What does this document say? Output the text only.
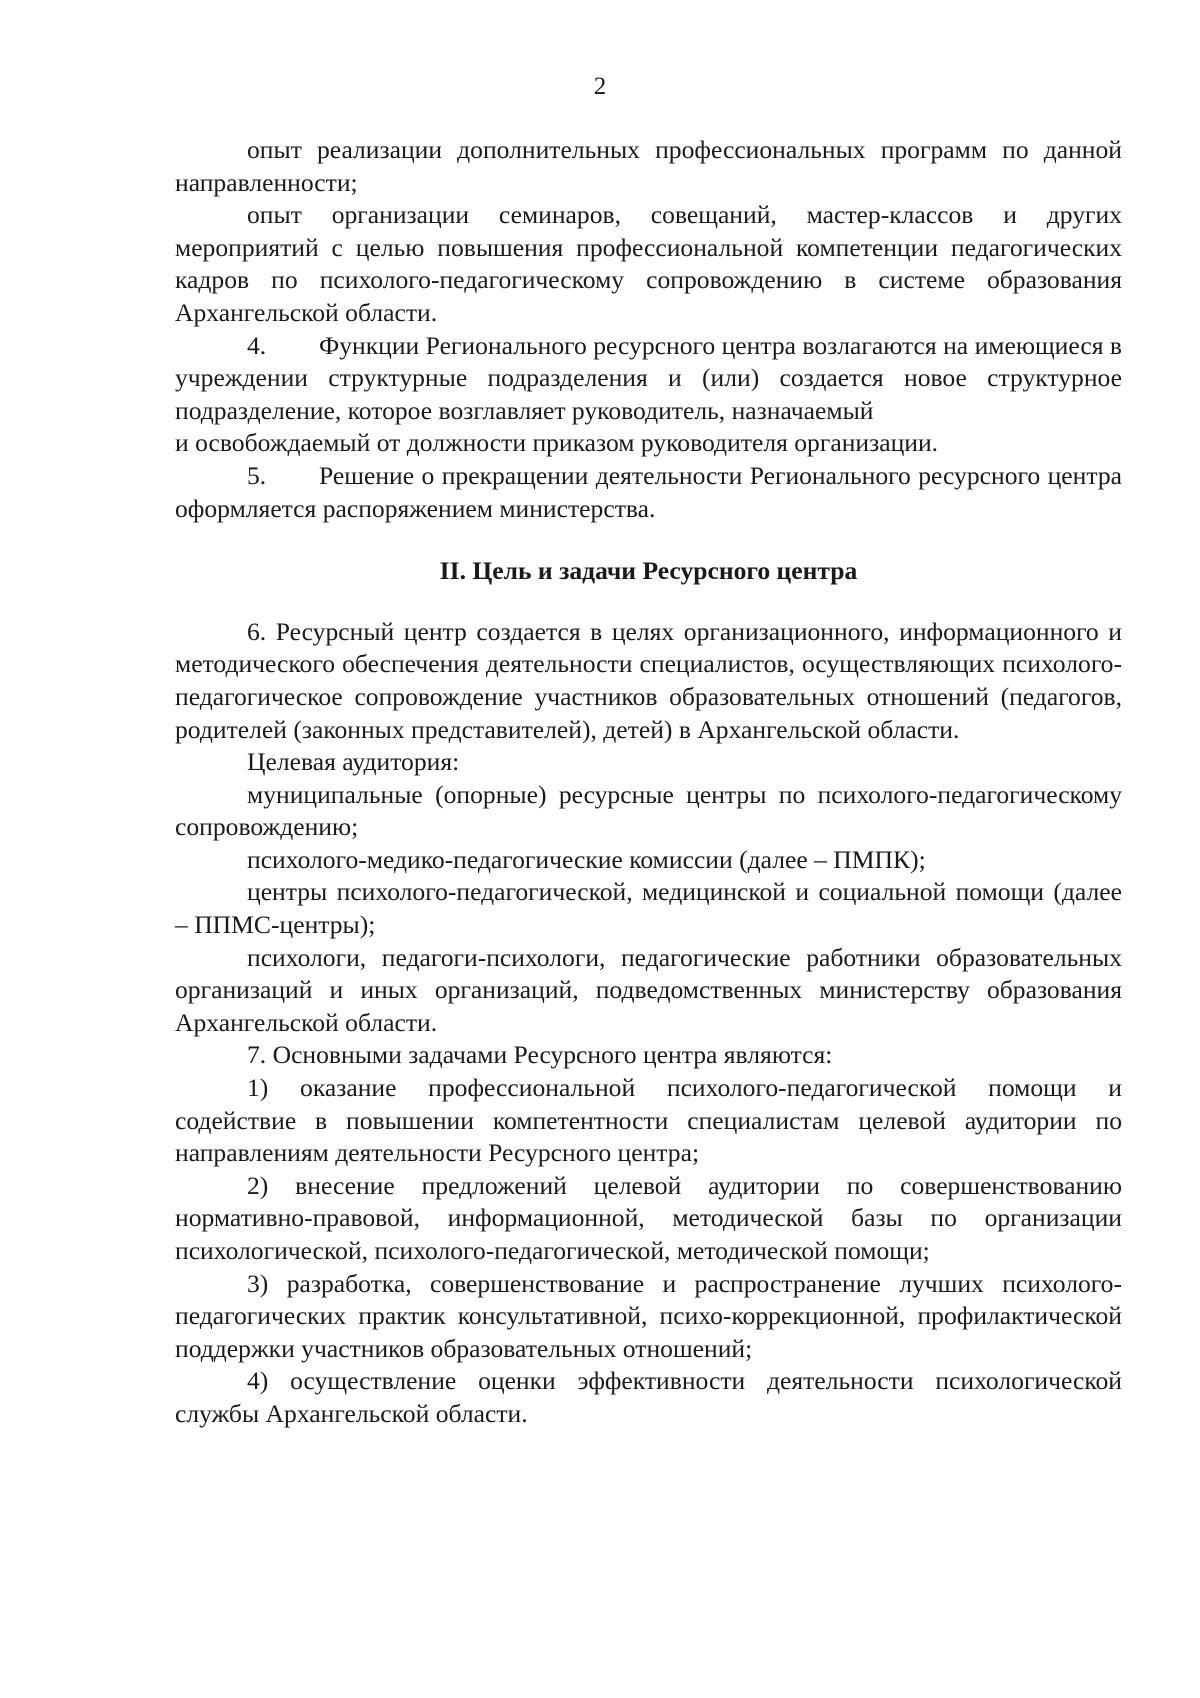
2

опыт реализации дополнительных профессиональных программ по данной направленности;

опыт организации семинаров, совещаний, мастер-классов и других мероприятий с целью повышения профессиональной компетенции педагогических кадров по психолого-педагогическому сопровождению в системе образования Архангельской области.

4. Функции Регионального ресурсного центра возлагаются на имеющиеся в учреждении структурные подразделения и (или) создается новое структурное подразделение, которое возглавляет руководитель, назначаемый

и освобождаемый от должности приказом руководителя организации.

5. Решение о прекращении деятельности Регионального ресурсного центра оформляется распоряжением министерства.

II. Цель и задачи Ресурсного центра

6. Ресурсный центр создается в целях организационного, информационного и методического обеспечения деятельности специалистов, осуществляющих психолого-педагогическое сопровождение участников образовательных отношений (педагогов, родителей (законных представителей), детей) в Архангельской области.

Целевая аудитория:

муниципальные (опорные) ресурсные центры по психолого-педагогическому сопровождению;

психолого-медико-педагогические комиссии (далее – ПМПК);

центры психолого-педагогической, медицинской и социальной помощи (далее – ППМС-центры);

психологи, педагоги-психологи, педагогические работники образовательных организаций и иных организаций, подведомственных министерству образования Архангельской области.

7. Основными задачами Ресурсного центра являются:

1) оказание профессиональной психолого-педагогической помощи и содействие в повышении компетентности специалистам целевой аудитории по направлениям деятельности Ресурсного центра;

2) внесение предложений целевой аудитории по совершенствованию нормативно-правовой, информационной, методической базы по организации психологической, психолого-педагогической, методической помощи;

3) разработка, совершенствование и распространение лучших психолого-педагогических практик консультативной, психо-коррекционной, профилактической поддержки участников образовательных отношений;

4) осуществление оценки эффективности деятельности психологической службы Архангельской области.
